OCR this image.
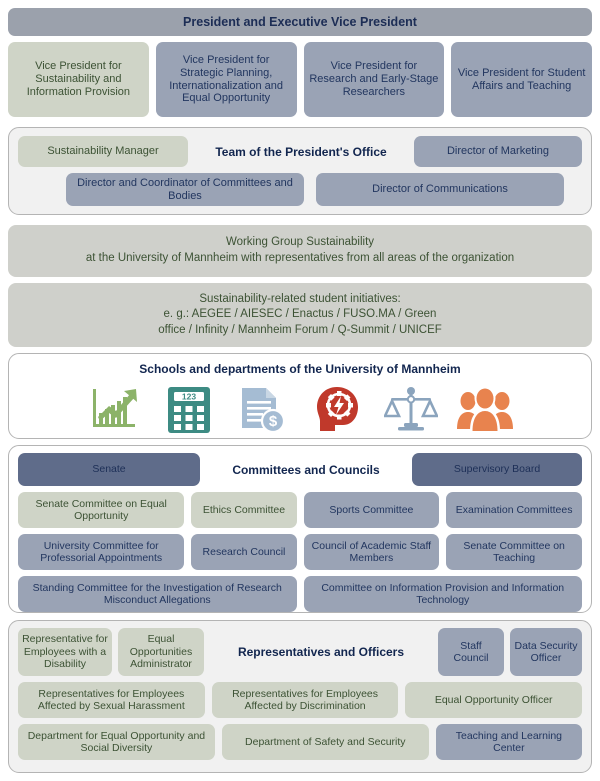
President and Executive Vice President
Vice President for Sustainability and Information Provision
Vice President for Strategic Planning, Internationalization and Equal Opportunity
Vice President for Research and Early-Stage Researchers
Vice President for Student Affairs and Teaching
Sustainability Manager	Team of the President's Office	Director of Marketing
Director and Coordinator of Committees and Bodies
Director of Communications
Working Group Sustainability
at the University of Mannheim with representatives from all areas of the organization
Sustainability-related student initiatives:
e. g.: AEGEE / AIESEC / Enactus / FUSO.MA / Green
office / Infinity / Mannheim Forum / Q-Summit / UNICEF
Schools and departments of the University of Mannheim
123
$
Senate	Committees and Councils	Supervisory Board
Senate Committee on Equal Opportunity
Ethics Committee	Sports Committee	Examination Committees
University Committee for Professorial Appointments
Research Council
Council of Academic Staff Members
Senate Committee on Teaching
Standing Committee for the Investigation of Research Misconduct Allegations
Committee on Information Provision and Information Technology
Representative for Employees with a Disability
Equal Opportunities Administrator
Representatives and Officers	Staff Council
Data Security Officer
Representatives for Employees Affected by Sexual Harassment
Representatives for Employees Affected by Discrimination
Equal Opportunity Officer
Department for Equal Opportunity and Social Diversity
Department of Safety and Security
Teaching and Learning Center
